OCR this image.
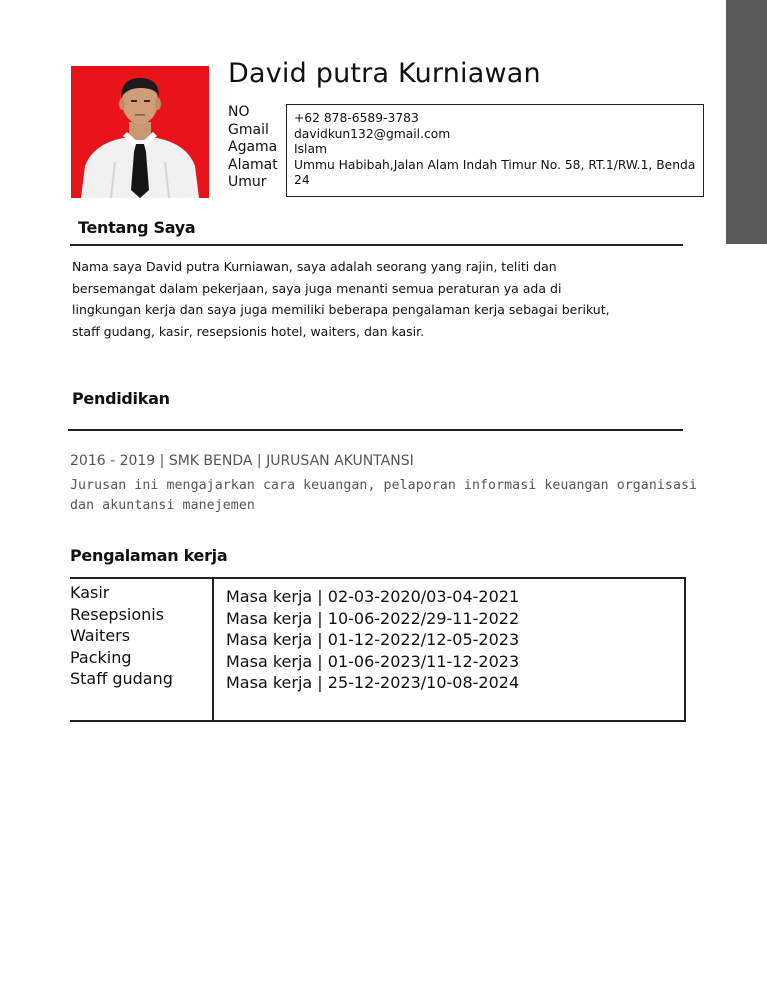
David putra Kurniawan
NO
Gmail
Agama
Alamat
Umur
+62 878-6589-3783
davidkun132@gmail.com
Islam
Ummu Habibah,Jalan Alam Indah Timur No. 58, RT.1/RW.1, Benda
24
Tentang Saya
Nama saya David putra Kurniawan, saya adalah seorang yang rajin, teliti dan
bersemangat dalam pekerjaan, saya juga menanti semua peraturan ya ada di
lingkungan kerja dan saya juga memiliki beberapa pengalaman kerja sebagai berikut,
staff gudang, kasir, resepsionis hotel, waiters, dan kasir.
Pendidikan
2016 - 2019 | SMK BENDA | JURUSAN AKUNTANSI
Jurusan ini mengajarkan cara keuangan, pelaporan informasi keuangan organisasi
dan akuntansi manejemen
Pengalaman kerja
Kasir
Resepsionis
Waiters
Packing
Staff gudang
Masa kerja | 02-03-2020/03-04-2021
Masa kerja | 10-06-2022/29-11-2022
Masa kerja | 01-12-2022/12-05-2023
Masa kerja | 01-06-2023/11-12-2023
Masa kerja | 25-12-2023/10-08-2024
